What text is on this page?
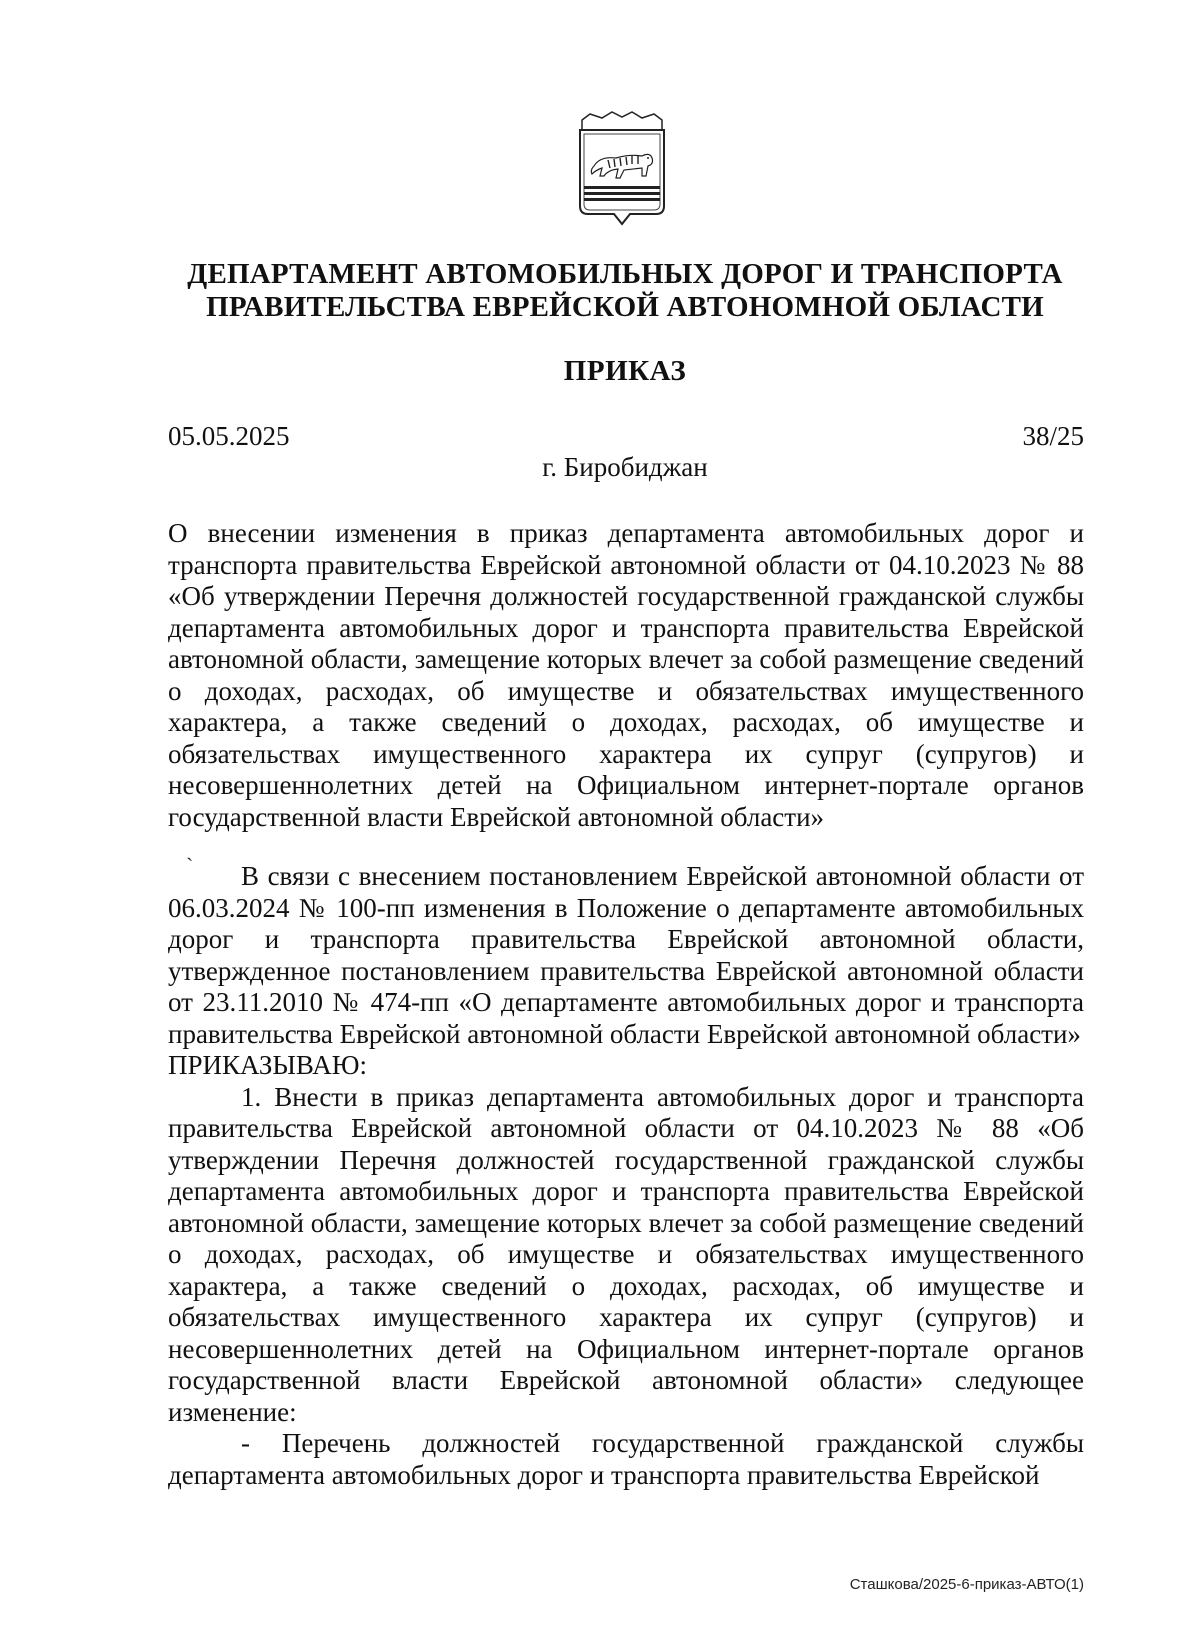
ДЕПАРТАМЕНТ АВТОМОБИЛЬНЫХ ДОРОГ И ТРАНСПОРТА
ПРАВИТЕЛЬСТВА ЕВРЕЙСКОЙ АВТОНОМНОЙ ОБЛАСТИ
ПРИКАЗ
05.05.2025	38/25
г. Биробиджан

О внесении изменения в приказ департамента автомобильных дорог и транспорта правительства Еврейской автономной области от 04.10.2023 № 88 «Об утверждении Перечня должностей государственной гражданской службы департамента автомобильных дорог и транспорта правительства Еврейской автономной области, замещение которых влечет за собой размещение сведений о доходах, расходах, об имуществе и обязательствах имущественного характера, а также сведений о доходах, расходах, об имуществе и обязательствах имущественного характера их супруг (супругов) и несовершеннолетних детей на Официальном интернет-портале органов государственной власти Еврейской автономной области»

`	В связи с внесением постановлением Еврейской автономной области от 06.03.2024 № 100-пп изменения в Положение о департаменте автомобильных дорог и транспорта правительства Еврейской автономной области, утвержденное постановлением правительства Еврейской автономной области от 23.11.2010 № 474-пп «О департаменте автомобильных дорог и транспорта правительства Еврейской автономной области Еврейской автономной области»

ПРИКАЗЫВАЮ:

1. Внести в приказ департамента автомобильных дорог и транспорта правительства Еврейской автономной области от 04.10.2023 № 88 «Об утверждении Перечня должностей государственной гражданской службы департамента автомобильных дорог и транспорта правительства Еврейской автономной области, замещение которых влечет за собой размещение сведений о доходах, расходах, об имуществе и обязательствах имущественного характера, а также сведений о доходах, расходах, об имуществе и обязательствах имущественного характера их супруг (супругов) и несовершеннолетних детей на Официальном интернет-портале органов государственной власти Еврейской автономной области» следующее изменение:

- Перечень должностей государственной гражданской службы департамента автомобильных дорог и транспорта правительства Еврейской

Сташкова/2025-6-приказ-АВТО(1)
